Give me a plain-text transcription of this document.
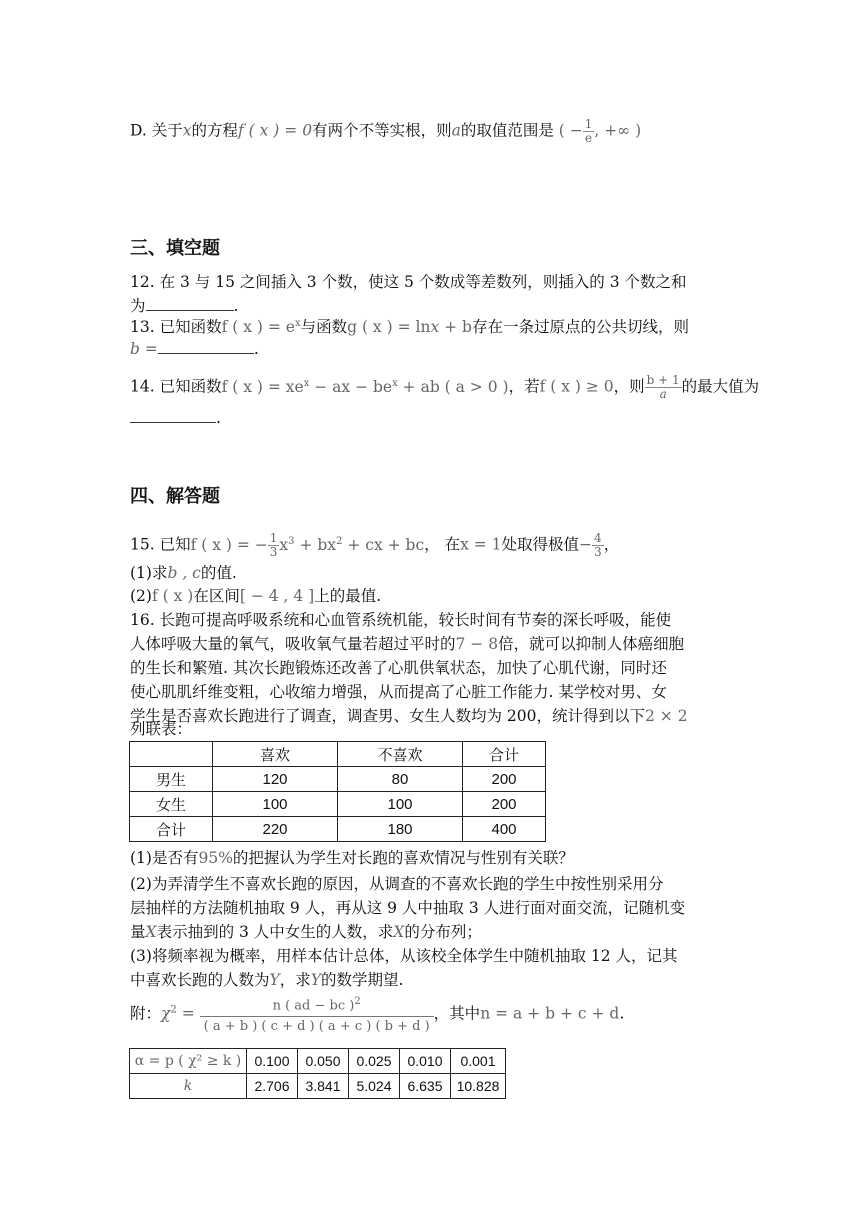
D. 关于x的方程f ( x ) = 0有两个不等实根，则a的取值范围是 ( − $\frac{1}{e}$ , +∞ )
三、填空题
12. 在 3 与 15 之间插入 3 个数，使这 5 个数成等差数列，则插入的 3 个数之和
为	.
13. 已知函数f ( x ) = $e^x$与函数g ( x ) = lnx + b存在一条过原点的公共切线，则
b =	.
14. 已知函数f ( x ) = $xe^x$ − ax − $be^x$ + ab ( a > 0 )，若f ( x ) ≥ 0，则 $\frac{b + 1}{a}$ 的最大值为
.
四、解答题
15. 已知f ( x ) = − $\frac{1}{3} x^3 + bx^2$ + cx + bc， 在x = 1处取得极值− $\frac{4}{3}$ ，
(1)求b , c的值.
(2)f ( x )在区间[ − 4 , 4 ]上的最值.
16. 长跑可提高呼吸系统和心血管系统机能，较长时间有节奏的深长呼吸，能使
人体呼吸大量的氧气，吸收氧气量若超过平时的7 − 8倍，就可以抑制人体癌细胞
的生长和繁殖. 其次长跑锻炼还改善了心肌供氧状态，加快了心肌代谢，同时还
使心肌肌纤维变粗，心收缩力增强，从而提高了心脏工作能力. 某学校对男、女
学生是否喜欢长跑进行了调查，调查男、女生人数均为 200，统计得到以下2 × 2
列联表：
	喜欢	不喜欢	合计
男生	120	80	200
女生	100	100	200
合计	220	180	400
(1)是否有95%的把握认为学生对长跑的喜欢情况与性别有关联？
(2)为弄清学生不喜欢长跑的原因，从调查的不喜欢长跑的学生中按性别采用分
层抽样的方法随机抽取 9 人，再从这 9 人中抽取 3 人进行面对面交流，记随机变
量X表示抽到的 3 人中女生的人数，求X的分布列；
(3)将频率视为概率，用样本估计总体，从该校全体学生中随机抽取 12 人，记其
中喜欢长跑的人数为Y，求Y的数学期望.
附：$\chi^2 = \frac{n ( ad - bc )^2}{( a + b ) ( c + d ) ( a + c ) ( b + d )}$ ，其中n = a + b + c + d.
α = p ( χ² ≥ k )	0.100	0.050	0.025	0.010	0.001
k	2.706	3.841	5.024	6.635	10.828
